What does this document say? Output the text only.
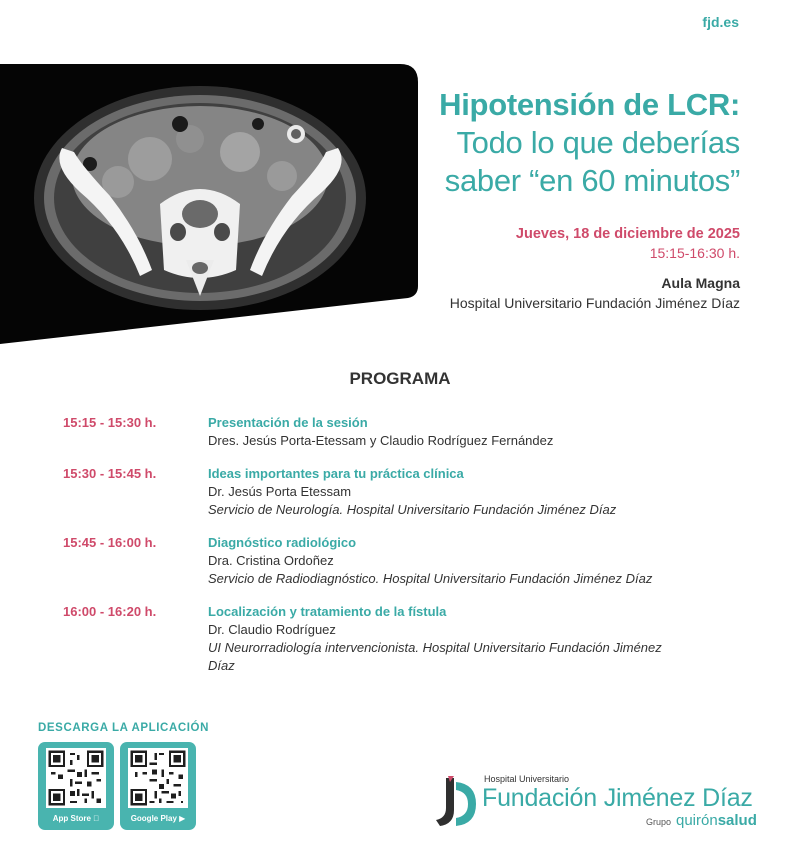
fjd.es
Hipotensión de LCR:
Todo lo que deberías
saber “en 60 minutos”
Jueves, 18 de diciembre de 2025
15:15-16:30 h.
Aula Magna
Hospital Universitario Fundación Jiménez Díaz
PROGRAMA
15:15 - 15:30 h.	Presentación de la sesión
Dres. Jesús Porta-Etessam y Claudio Rodríguez Fernández
15:30 - 15:45 h.	Ideas importantes para tu práctica clínica
Dr. Jesús Porta Etessam
Servicio de Neurología. Hospital Universitario Fundación Jiménez Díaz
15:45 - 16:00 h.	Diagnóstico radiológico
Dra. Cristina Ordoñez
Servicio de Radiodiagnóstico. Hospital Universitario Fundación Jiménez Díaz
16:00 - 16:20 h.	Localización y tratamiento de la fístula
Dr. Claudio Rodríguez
UI Neurorradiología intervencionista. Hospital Universitario Fundación Jiménez Díaz
DESCARGA LA APLICACIÓN
App Store	Google Play ▶
Hospital Universitario
Fundación Jiménez Díaz
Grupo quirónsalud
